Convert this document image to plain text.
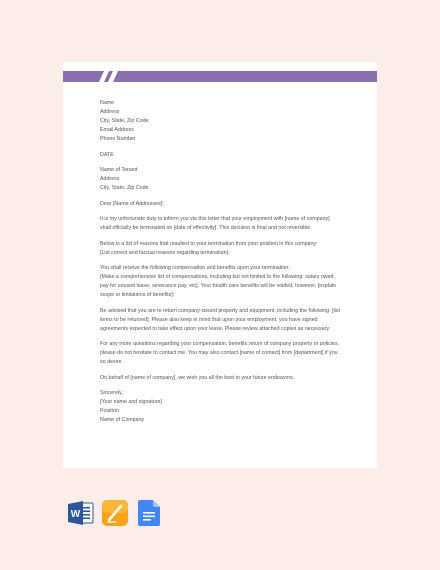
Name
Address
City, State, Zip Code
Email Address
Phone Number
DATE
Name of Tenant
Address
City, State, Zip Code
Dear [Name of Addressee];
It is my unfortunate duty to inform you via this letter that your employment with [name of company]
shall officially be terminated on [date of effectivity]. This decision is final and not reversible.
Below is a list of reasons that resulted to your termination from your position in this company:
[List correct and factual reasons regarding termination]:
You shall receive the following compensation and benefits upon your termination:
[Make a comprehensive list of compensations, including but not limited to the following: salary owed,
pay for unused leave, severance pay, etc]. Your health care benefits will be voided, however, [explain
scope or limitations of benefits]:
Be advised that you are to return company-issued property and equipment, including the following: [list
items to be returned]. Please also keep in mind that upon your employment, you have signed
agreements expected to take effect upon your leave. Please review attached copies as necessary.
For any more questions regarding your compensation, benefits,return of company property or policies,
please do not hesitate to contact me. You may also contact [name of contact] from [department] if you
so desire.
On behalf of [name of company], we wish you all the best in your future endeavors.
Sincerely,
[Your name and signature]
Position
Name of Company
W
